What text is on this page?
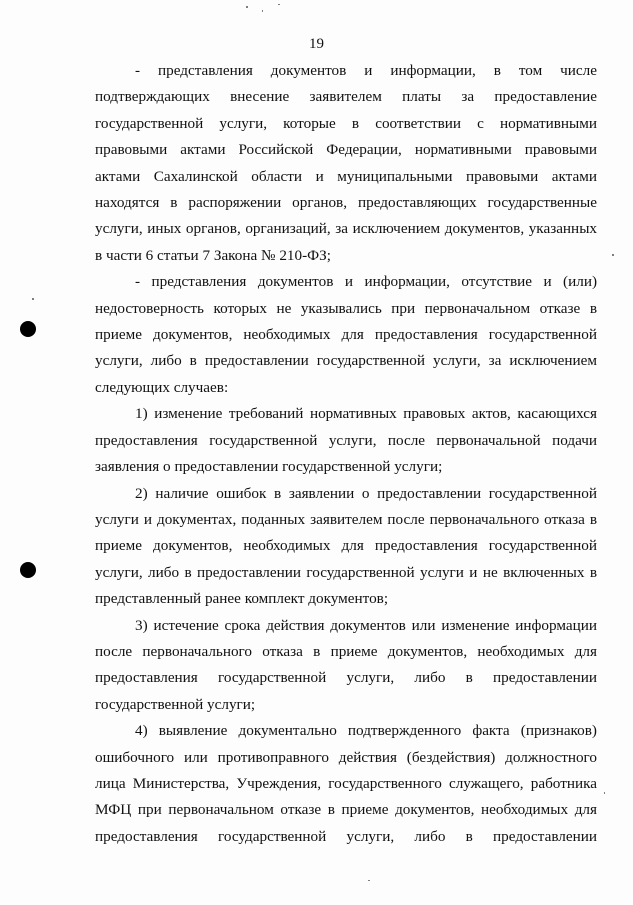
19

- представления документов и информации, в том числе подтверждающих внесение заявителем платы за предоставление государственной услуги, которые в соответствии с нормативными правовыми актами Российской Федерации, нормативными правовыми актами Сахалинской области и муниципальными правовыми актами находятся в распоряжении органов, предоставляющих государственные услуги, иных органов, организаций, за исключением документов, указанных в части 6 статьи 7 Закона № 210-ФЗ;

- представления документов и информации, отсутствие и (или) недостоверность которых не указывались при первоначальном отказе в приеме документов, необходимых для предоставления государственной услуги, либо в предоставлении государственной услуги, за исключением следующих случаев:

1) изменение требований нормативных правовых актов, касающихся предоставления государственной услуги, после первоначальной подачи заявления о предоставлении государственной услуги;

2) наличие ошибок в заявлении о предоставлении государственной услуги и документах, поданных заявителем после первоначального отказа в приеме документов, необходимых для предоставления государственной услуги, либо в предоставлении государственной услуги и не включенных в представленный ранее комплект документов;

3) истечение срока действия документов или изменение информации после первоначального отказа в приеме документов, необходимых для предоставления государственной услуги, либо в предоставлении государственной услуги;

4) выявление документально подтвержденного факта (признаков) ошибочного или противоправного действия (бездействия) должностного лица Министерства, Учреждения, государственного служащего, работника МФЦ при первоначальном отказе в приеме документов, необходимых для предоставления государственной услуги, либо в предоставлении
